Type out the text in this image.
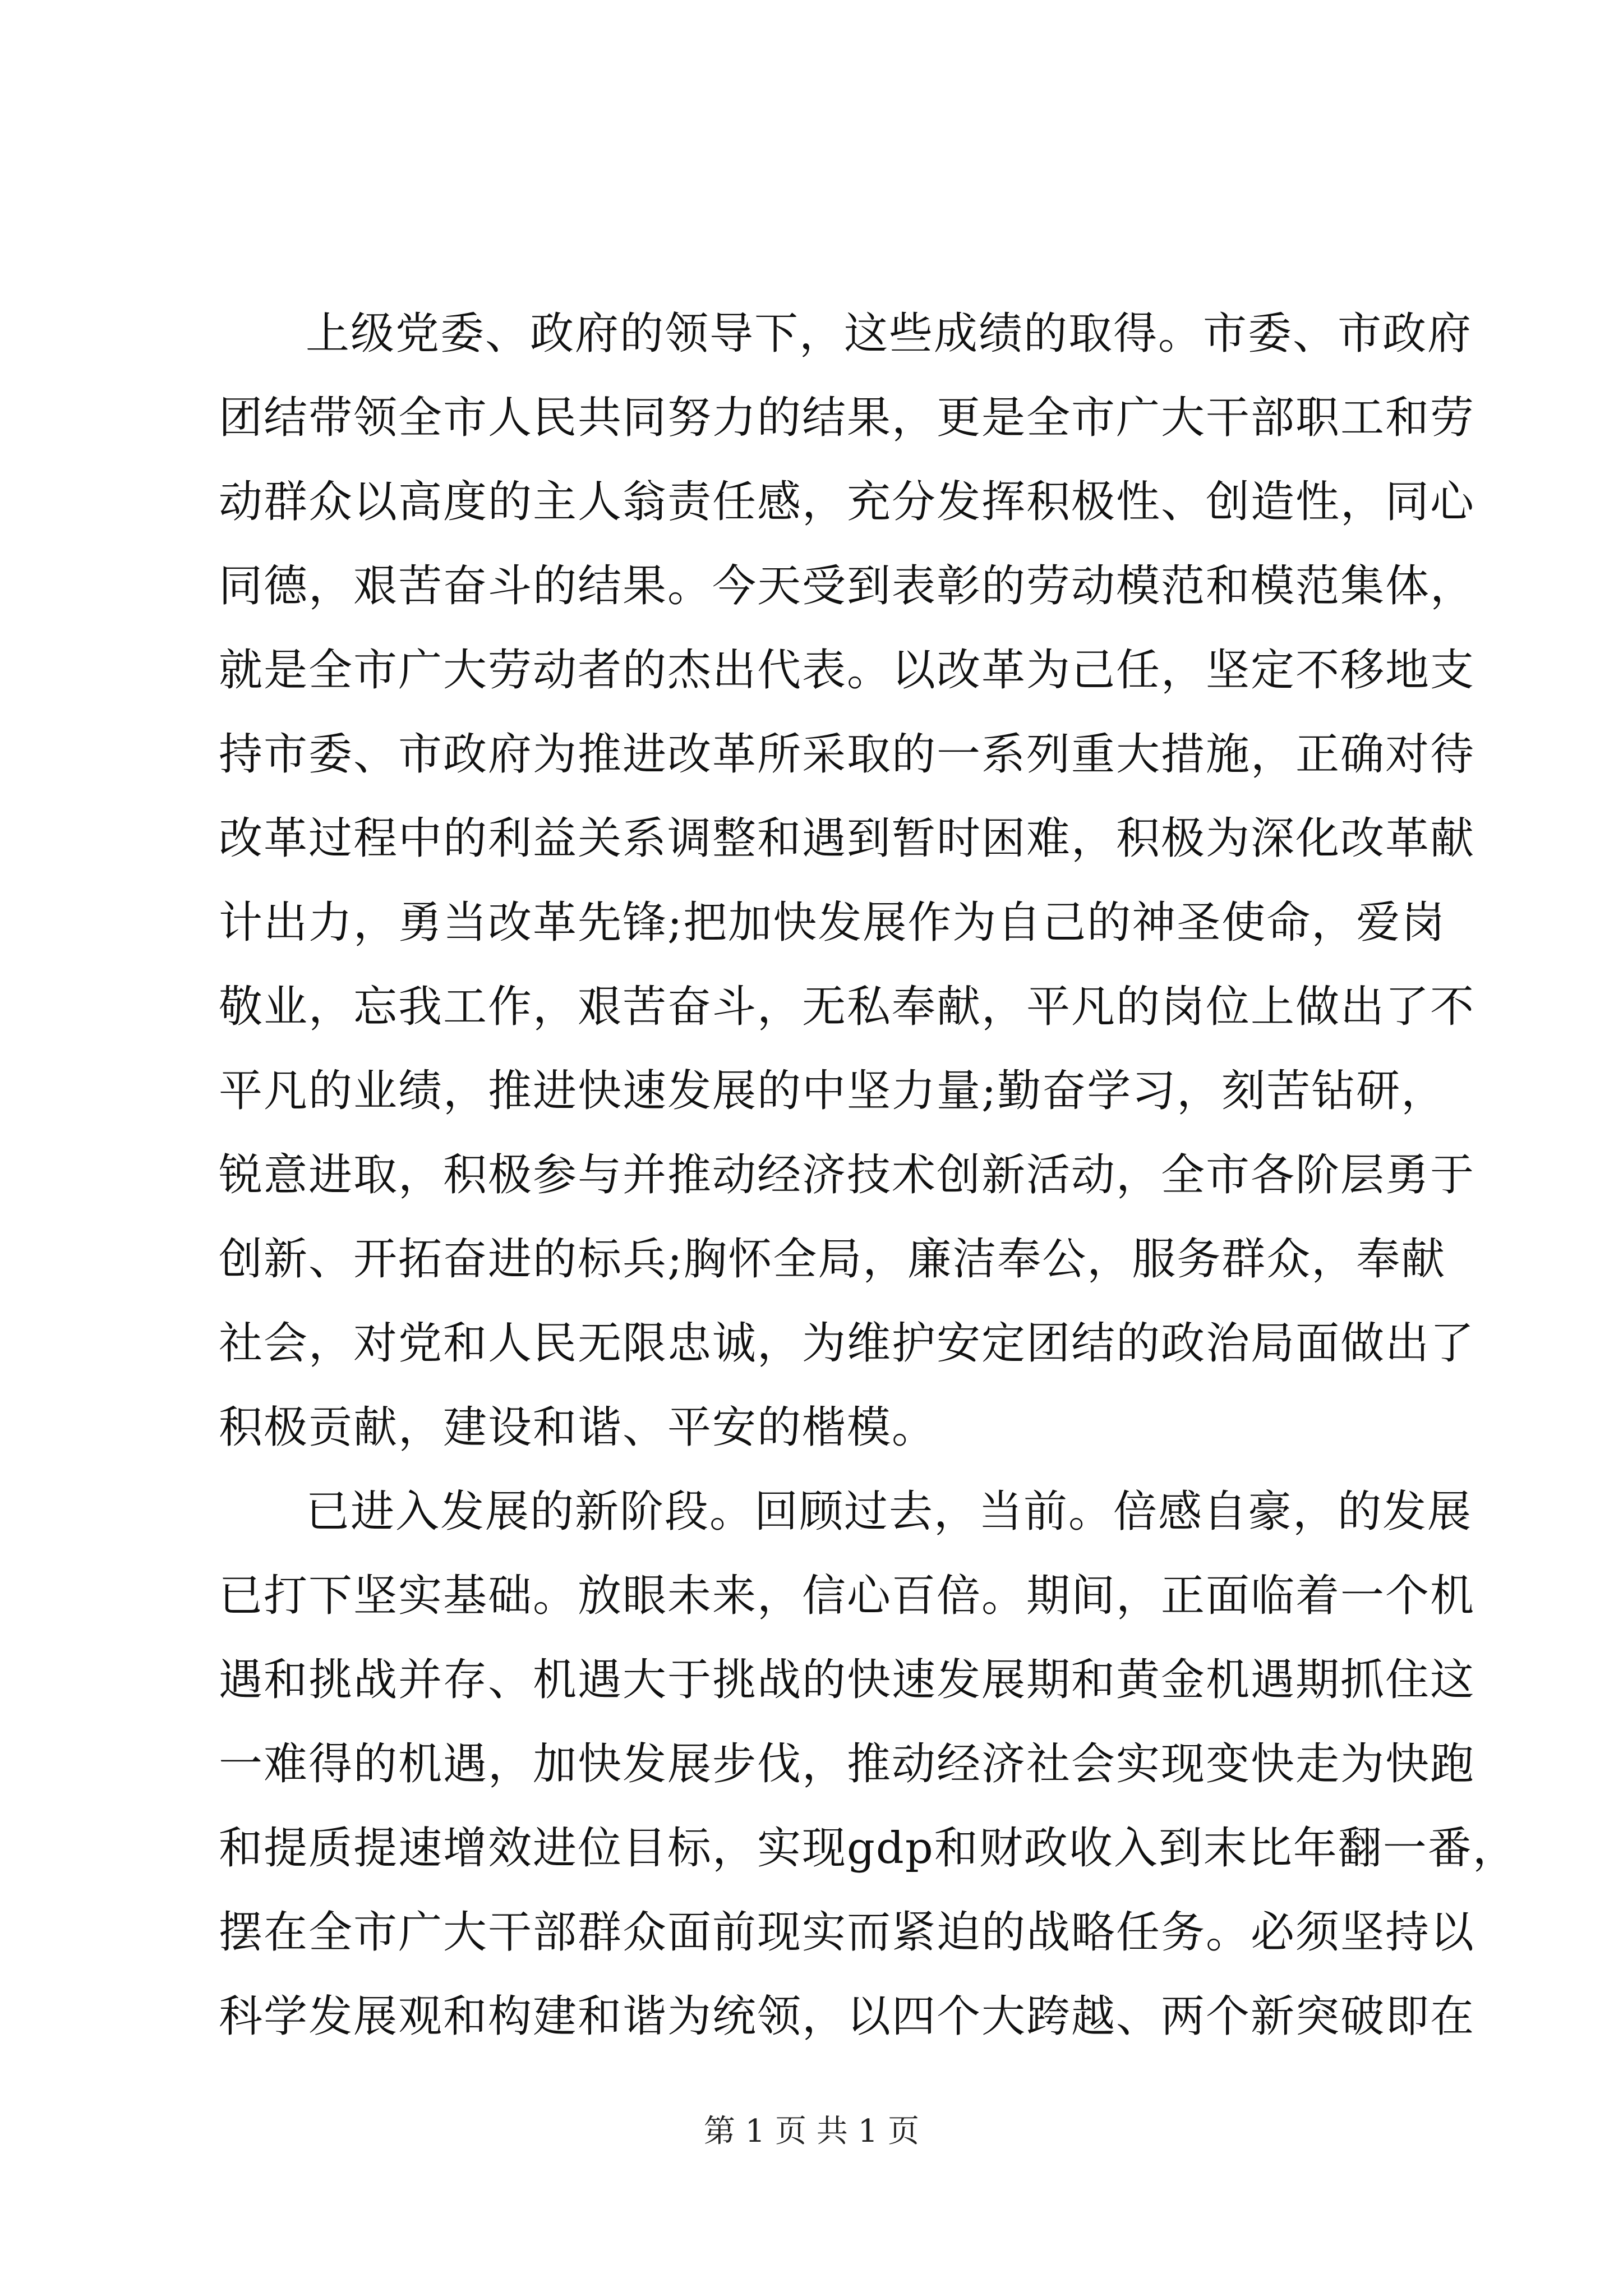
上级党委、政府的领导下，这些成绩的取得。市委、市政府
团结带领全市人民共同努力的结果，更是全市广大干部职工和劳
动群众以高度的主人翁责任感，充分发挥积极性、创造性，同心
同德，艰苦奋斗的结果。今天受到表彰的劳动模范和模范集体，
就是全市广大劳动者的杰出代表。以改革为己任，坚定不移地支
持市委、市政府为推进改革所采取的一系列重大措施，正确对待
改革过程中的利益关系调整和遇到暂时困难，积极为深化改革献
计出力，勇当改革先锋;把加快发展作为自己的神圣使命，爱岗
敬业，忘我工作，艰苦奋斗，无私奉献，平凡的岗位上做出了不
平凡的业绩，推进快速发展的中坚力量;勤奋学习，刻苦钻研，
锐意进取，积极参与并推动经济技术创新活动，全市各阶层勇于
创新、开拓奋进的标兵;胸怀全局，廉洁奉公，服务群众，奉献
社会，对党和人民无限忠诚，为维护安定团结的政治局面做出了
积极贡献，建设和谐、平安的楷模。
已进入发展的新阶段。回顾过去，当前。倍感自豪，的发展
已打下坚实基础。放眼未来，信心百倍。期间，正面临着一个机
遇和挑战并存、机遇大于挑战的快速发展期和黄金机遇期抓住这
一难得的机遇，加快发展步伐，推动经济社会实现变快走为快跑
和提质提速增效进位目标，实现gdp和财政收入到末比年翻一番，
摆在全市广大干部群众面前现实而紧迫的战略任务。必须坚持以
科学发展观和构建和谐为统领，以四个大跨越、两个新突破即在
第 1 页 共 1 页
